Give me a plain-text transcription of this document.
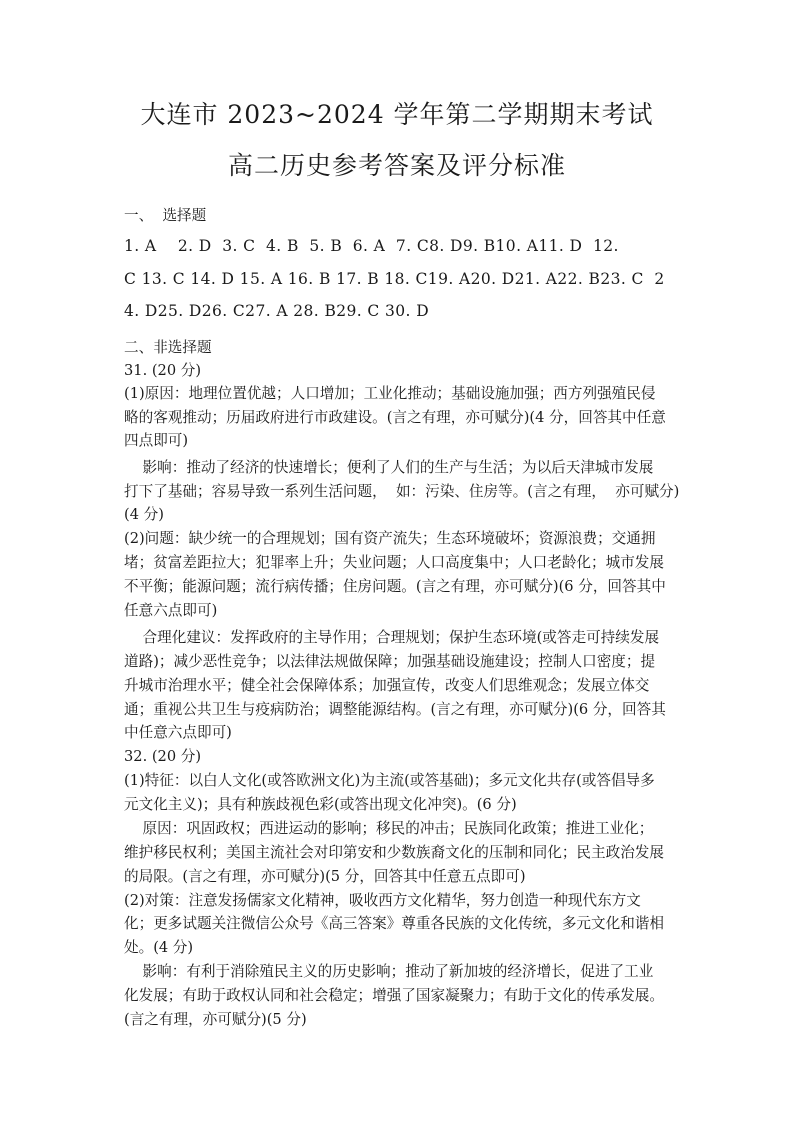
大连市 2023~2024 学年第二学期期末考试
高二历史参考答案及评分标准
一、  选择题
1. A    2. D  3. C  4. B  5. B  6. A  7. C8. D9. B10. A11. D  12.
C 13. C 14. D 15. A 16. B 17. B 18. C19. A20. D21. A22. B23. C  2
4. D25. D26. C27. A 28. B29. C 30. D
二、非选择题
31. (20 分)
(1)原因：地理位置优越；人口增加；工业化推动；基础设施加强；西方列强殖民侵
略的客观推动；历届政府进行市政建设。(言之有理，亦可赋分)(4 分，回答其中任意
四点即可)
影响：推动了经济的快速增长；便利了人们的生产与生活；为以后天津城市发展
打下了基础；容易导致一系列生活问题，  如：污染、住房等。(言之有理，  亦可赋分)
(4 分)
(2)问题：缺少统一的合理规划；国有资产流失；生态环境破坏；资源浪费；交通拥
堵；贫富差距拉大；犯罪率上升；失业问题；人口高度集中；人口老龄化；城市发展
不平衡；能源问题；流行病传播；住房问题。(言之有理，亦可赋分)(6 分，回答其中
任意六点即可)
合理化建议：发挥政府的主导作用；合理规划；保护生态环境(或答走可持续发展
道路)；减少恶性竞争；以法律法规做保障；加强基础设施建设；控制人口密度；提
升城市治理水平；健全社会保障体系；加强宣传，改变人们思维观念；发展立体交
通；重视公共卫生与疫病防治；调整能源结构。(言之有理，亦可赋分)(6 分，回答其
中任意六点即可)
32. (20 分)
(1)特征：以白人文化(或答欧洲文化)为主流(或答基础)；多元文化共存(或答倡导多
元文化主义)；具有种族歧视色彩(或答出现文化冲突)。(6 分)
原因：巩固政权；西进运动的影响；移民的冲击；民族同化政策；推进工业化；
维护移民权利；美国主流社会对印第安和少数族裔文化的压制和同化；民主政治发展
的局限。(言之有理，亦可赋分)(5 分，回答其中任意五点即可)
(2)对策：注意发扬儒家文化精神，吸收西方文化精华，努力创造一种现代东方文
化；更多试题关注微信公众号《高三答案》尊重各民族的文化传统，多元文化和谐相
处。(4 分)
影响：有利于消除殖民主义的历史影响；推动了新加坡的经济增长，促进了工业
化发展；有助于政权认同和社会稳定；增强了国家凝聚力；有助于文化的传承发展。
(言之有理，亦可赋分)(5 分)
